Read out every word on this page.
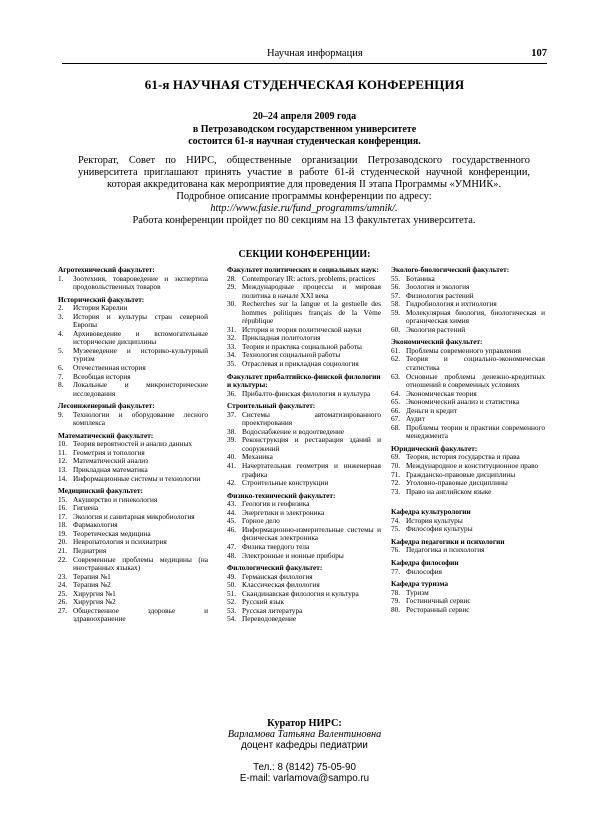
Научная информация	107
61-я НАУЧНАЯ СТУДЕНЧЕСКАЯ КОНФЕРЕНЦИЯ
20–24 апреля 2009 года
в Петрозаводском государственном университете
состоится 61-я научная студенческая конференция.
Ректорат, Совет по НИРС, общественные организации Петрозаводского государственного университета приглашают принять участие в работе 61-й студенческой научной конференции, которая аккредитована как мероприятие для проведения II этапа Программы «УМНИК».
Подробное описание программы конференции по адресу:
http://www.fasie.ru/fund_programms/umnik/.
Работа конференции пройдет по 80 секциям на 13 факультетах университета.
СЕКЦИИ КОНФЕРЕНЦИИ:
Агротехнический факультет:
1. Зоотехния, товароведение и экспертиза продовольственных товаров
Исторический факультет:
2. История Карелии
3. История и культуры стран северной Европы
4. Архивоведение и вспомогательные исторические дисциплины
5. Музееведение и историко-культурный туризм
6. Отечественная история
7. Всеобщая история
8. Локальные и микроисторические исследования
Лесоинженерный факультет:
9. Технологии и оборудование лесного комплекса
Математический факультет:
10. Теория вероятностей и анализ данных
11. Геометрия и топология
12. Математический анализ
13. Прикладная математика
14. Информационные системы и технологии
Медицинский факультет:
15. Акушерство и гинекология
16. Гигиена
17. Экология и санитарная микробиология
18. Фармакология
19. Теоретическая медицина
20. Невропатология и психиатрия
21. Педиатрия
22. Современные проблемы медицины (на иностранных языках)
23. Терапия №1
24. Терапия №2
25. Хирургия №1
26. Хирургия №2
27. Общественное здоровье и здравоохранение
Факультет политических и социальных наук:
28. Contemporary IR: actors, problems, practices
29. Международные процессы и мировая политика в начале XXI века
30. Recherches sur la langue et la gestuelle des hommes politiques français de la Vème république
31. История и теория политической науки
32. Прикладная политология
33. Теория и практика социальной работы
34. Технология социальной работы
35. Отраслевая и прикладная социология
Факультет прибалтийско-финской филологии и культуры:
36. Прибалто-финская филология и культура
Строительный факультет:
37. Системы автоматизированного проектирования
38. Водоснабжение и водоотведение
39. Реконструкция и реставрация зданий и сооружений
40. Механика
41. Начертательная геометрия и инженерная графика
42. Строительные конструкции
Физико-технический факультет:
43. Геология и геофизика
44. Энергетики и электроника
45. Горное дело
46. Информационно-измерительные системы и физическая электроника
47. Физика твердого тела
48. Электронные и ионные приборы
Филологический факультет:
49. Германская филология
50. Классическая филология
51. Скандинавская филология и культура
52. Русский язык
53. Русская литература
54. Переводоведение
Эколого-биологический факультет:
55. Ботаника
56. Зоология и экология
57. Физиология растений
58. Гидробиология и ихтиология
59. Молекулярная биология, биологическая и органическая химия
60. Экология растений
Экономический факультет:
61. Проблемы современного управления
62. Теория и социально-экономическая статистика
63. Основные проблемы денежно-кредитных отношений в современных условиях
64. Экономическая теория
65. Экономический анализ и статистика
66. Деньги и кредит
67. Аудит
68. Проблемы теории и практики современного менеджмента
Юридический факультет:
69. Теория, история государства и права
70. Международное и конституционное право
71. Гражданско-правовые дисциплины
72. Уголовно-правовые дисциплины
73. Право на английском языке
Кафедра культурологии
74. История культуры
75. Философия культуры
Кафедра педагогики и психологии
76. Педагогика и психология
Кафедра философии
77. Философия
Кафедра туризма
78. Туризм
79. Гостиничный сервис
80. Ресторанный сервис
Куратор НИРС:
Варламова Татьяна Валентиновна
доцент кафедры педиатрии
Тел.: 8 (8142) 75-05-90
E-mail: varlamova@sampo.ru
